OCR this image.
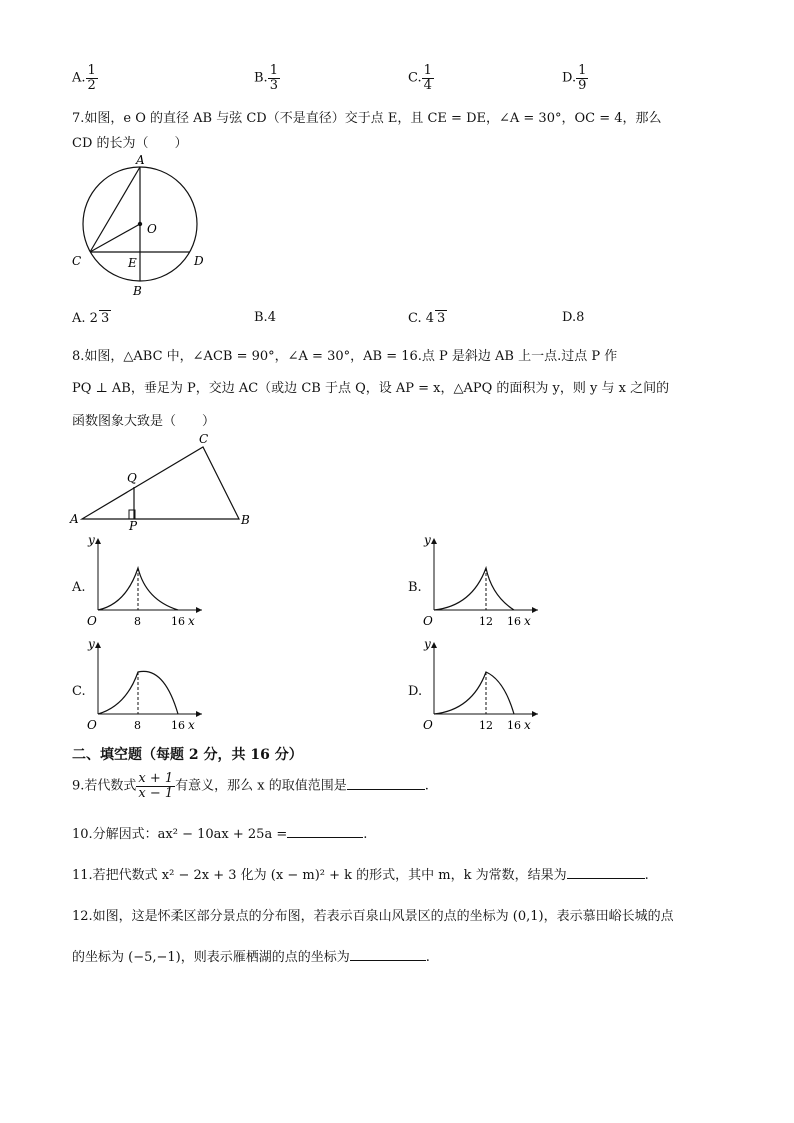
A. $\frac{1}{2}$	B. $\frac{1}{3}$	C. $\frac{1}{4}$	D. $\frac{1}{9}$
7.如图，e O 的直径 AB 与弦 CD（不是直径）交于点 E，且 CE = DE，∠A = 30°，OC = 4，那么
CD 的长为（　　）
A
O
C	E	D
B
A. 2 3	B.4	C. 4 3	D.8
8.如图，△ABC 中，∠ACB = 90°，∠A = 30°，AB = 16.点 P 是斜边 AB 上一点.过点 P 作
PQ ⊥ AB，垂足为 P，交边 AC（或边 CB 于点 Q，设 AP = x，△APQ 的面积为 y，则 y 与 x 之间的
函数图象大致是（　　）
A	B
C
P
Q
A.
y
O	8	16 x
B.
y
O	12 16 x
C.
y
O	8	16 x
D.
y
O	12 16 x
二、填空题（每题 2 分，共 16 分）
9.若代数式 $\frac{x + 1}{x - 1}$ 有意义，那么 x 的取值范围是	.
10.分解因式：ax² − 10ax + 25a =	.
11.若把代数式 x² − 2x + 3 化为 (x − m)² + k 的形式，其中 m，k 为常数，结果为	.
12.如图，这是怀柔区部分景点的分布图，若表示百泉山风景区的点的坐标为 (0,1)，表示慕田峪长城的点
的坐标为 (−5,−1)，则表示雁栖湖的点的坐标为	.
